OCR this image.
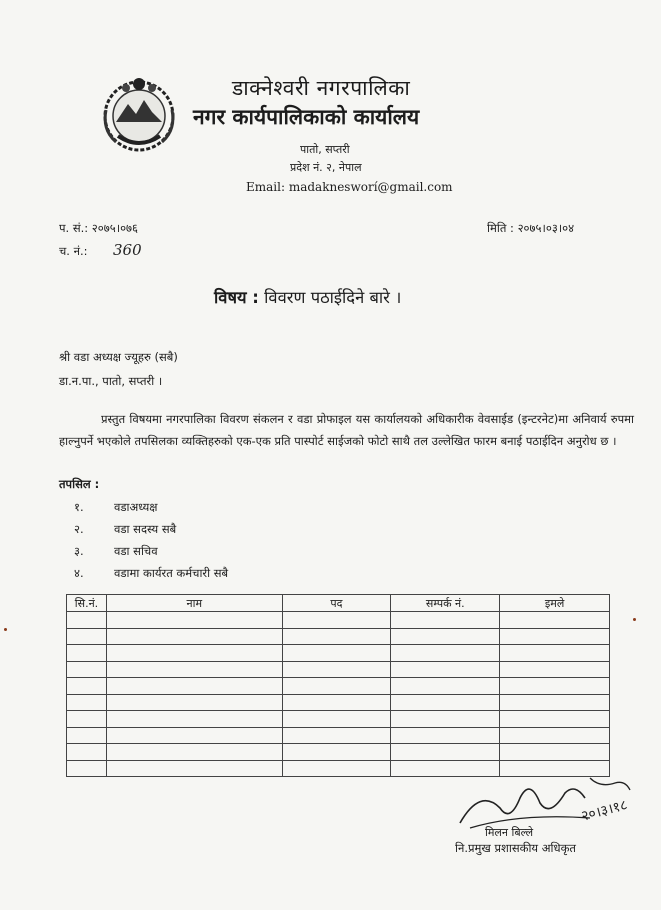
डाक्नेश्वरी नगरपालिका
नगर कार्यपालिकाको कार्यालय
पातो, सप्तरी
प्रदेश नं. २, नेपाल
Email: madaknesworí@gmail.com
प. सं.: २०७५।०७६	मिति : २०७५।०३।०४
च. नं.: 360
विषय : विवरण पठाईदिने बारे ।
श्री वडा अध्यक्ष ज्यूहरु (सबै)
डा.न.पा., पातो, सप्तरी ।
प्रस्तुत विषयमा नगरपालिका विवरण संकलन र वडा प्रोफाइल यस कार्यालयको अधिकारीक वेवसाईड (इन्टरनेट)मा अनिवार्य रुपमा हाल्नुपर्ने भएकोले तपसिलका व्यक्तिहरुको एक-एक प्रति पास्पोर्ट साईजको फोटो साथै तल उल्लेखित फारम बनाई पठाईदिन अनुरोध छ ।
तपसिल :
१.	वडाअध्यक्ष
२.	वडा सदस्य सबै
३.	वडा सचिव
४.	वडामा कार्यरत कर्मचारी सबै
सि.नं.	नाम	पद	सम्पर्क नं.	इमले

२०।३।१८
मिलन बिल्ले
नि.प्रमुख प्रशासकीय अधिकृत
